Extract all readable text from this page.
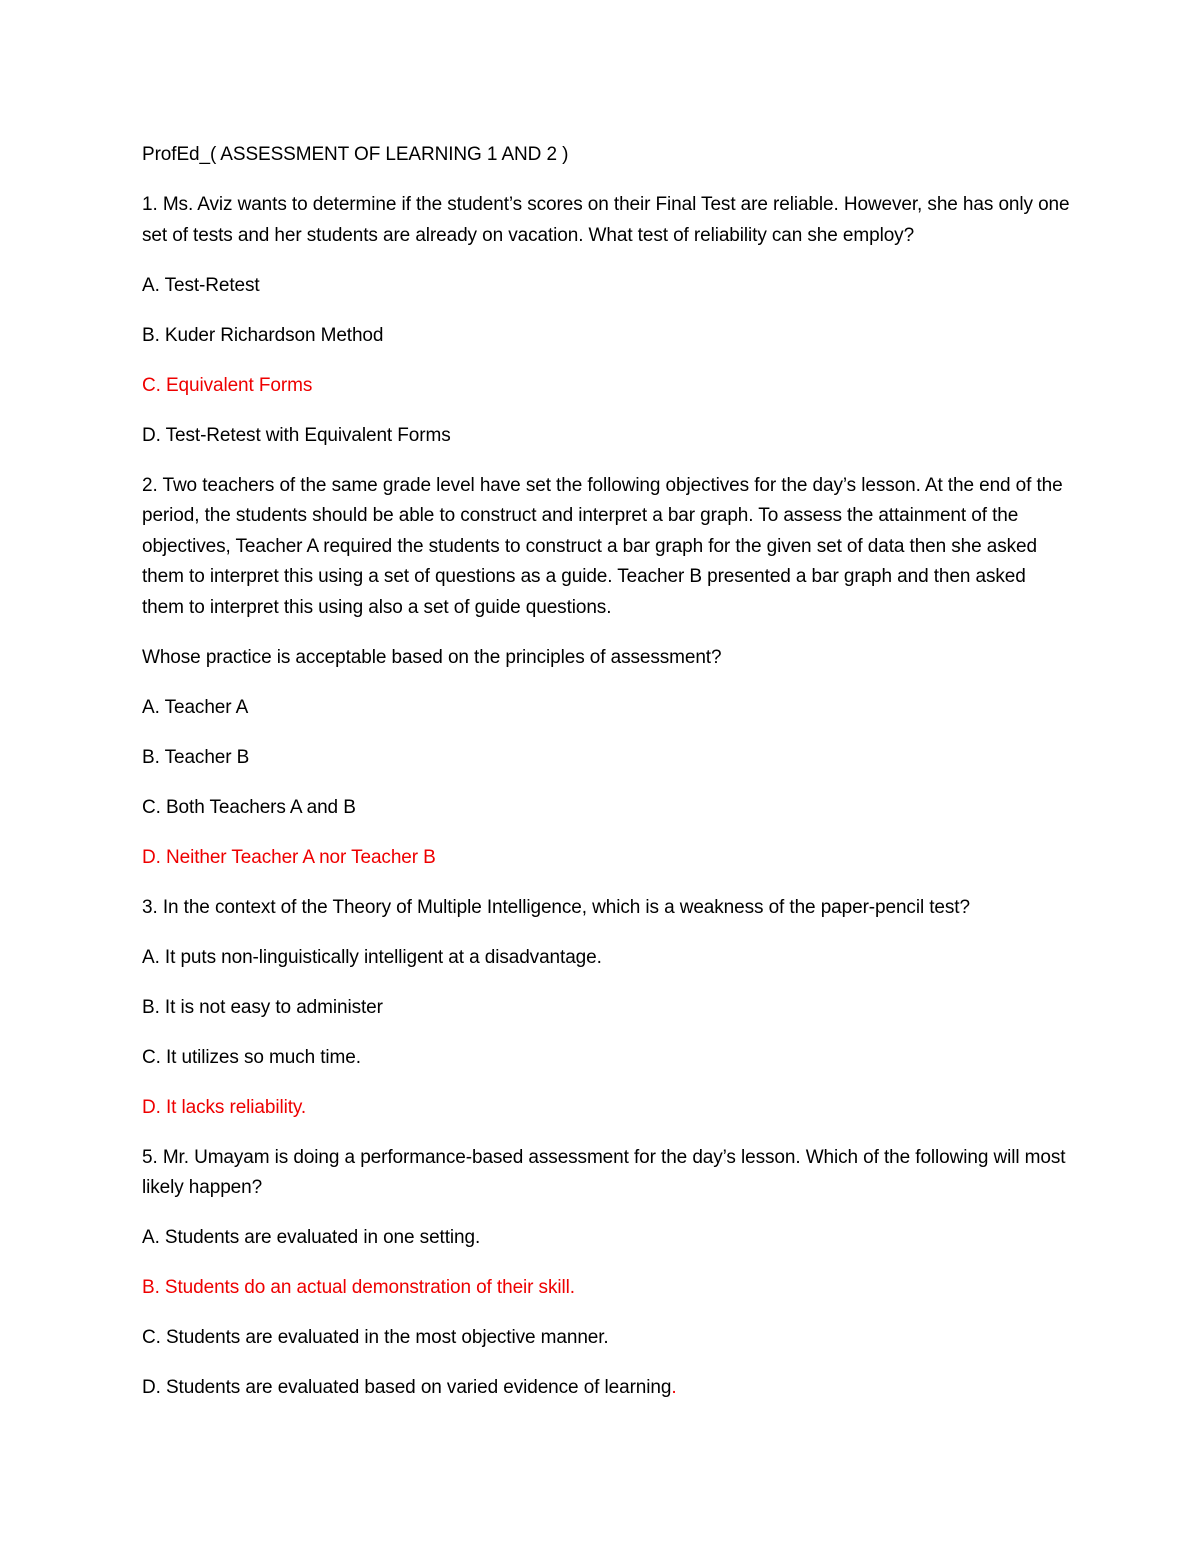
ProfEd_( ASSESSMENT OF LEARNING 1 AND 2 )

1. Ms. Aviz wants to determine if the student’s scores on their Final Test are reliable. However, she has only one set of tests and her students are already on vacation. What test of reliability can she employ?

A. Test-Retest

B. Kuder Richardson Method

C. Equivalent Forms

D. Test-Retest with Equivalent Forms

2. Two teachers of the same grade level have set the following objectives for the day’s lesson. At the end of the period, the students should be able to construct and interpret a bar graph. To assess the attainment of the objectives, Teacher A required the students to construct a bar graph for the given set of data then she asked them to interpret this using a set of questions as a guide. Teacher B presented a bar graph and then asked them to interpret this using also a set of guide questions.

Whose practice is acceptable based on the principles of assessment?

A. Teacher A

B. Teacher B

C. Both Teachers A and B

D. Neither Teacher A nor Teacher B

3. In the context of the Theory of Multiple Intelligence, which is a weakness of the paper-pencil test?

A. It puts non-linguistically intelligent at a disadvantage.

B. It is not easy to administer

C. It utilizes so much time.

D. It lacks reliability.

5. Mr. Umayam is doing a performance-based assessment for the day’s lesson. Which of the following will most likely happen?

A. Students are evaluated in one setting.

B. Students do an actual demonstration of their skill.

C. Students are evaluated in the most objective manner.

D. Students are evaluated based on varied evidence of learning.
